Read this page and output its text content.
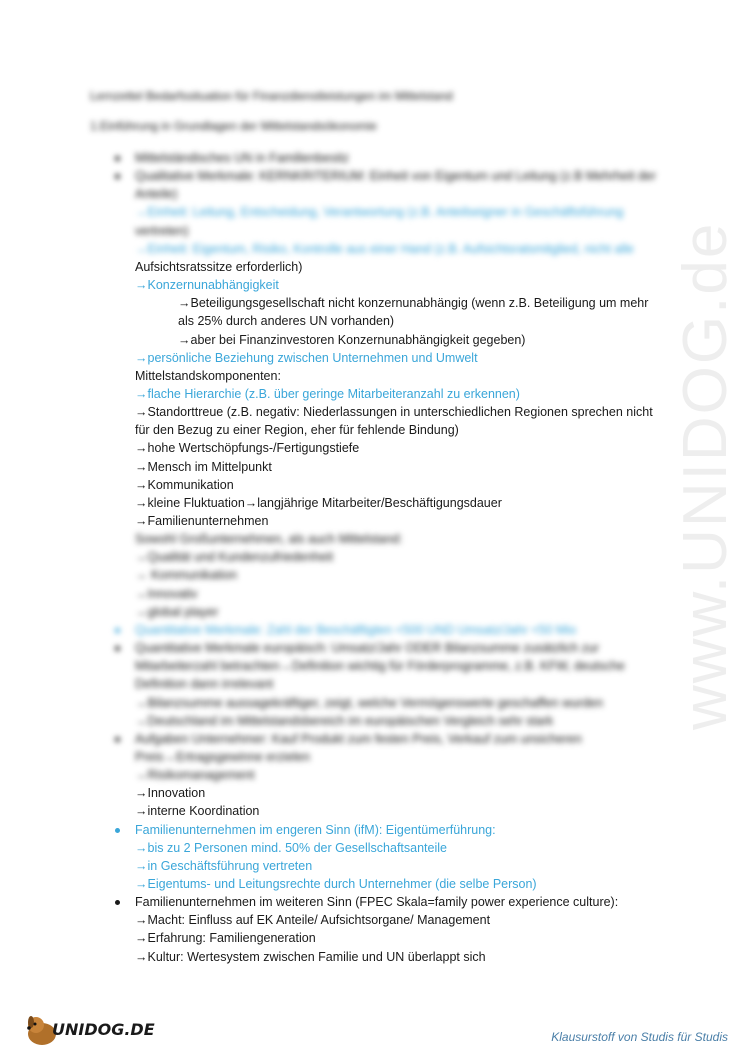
Lernzettel Bedarfssituation für Finanzdienstleistungen im Mittelstand
1.Einführung in Grundlagen der Mittelstandsökonomie
Mittelständisches UN in Familienbesitz
Qualitative Merkmale: KERNKRITERIUM: Einheit von Eigentum und Leitung (z.B Mehrheit der
Anteile)
→Einheit: Leitung, Entscheidung, Verantwortung (z.B. Anteilseigner in Geschäftsführung
vertreten)
→Einheit: Eigentum, Risiko, Kontrolle aus einer Hand (z.B. Aufsichtsratsmitglied, nicht alle
Aufsichtsratssitze erforderlich)
→Konzernunabhängigkeit
→Beteiligungsgesellschaft nicht konzernunabhängig (wenn z.B. Beteiligung um mehr
als 25% durch anderes UN vorhanden)
→aber bei Finanzinvestoren Konzernunabhängigkeit gegeben)
→persönliche Beziehung zwischen Unternehmen und Umwelt
Mittelstandskomponenten:
→flache Hierarchie (z.B. über geringe Mitarbeiteranzahl zu erkennen)
→Standorttreue (z.B. negativ: Niederlassungen in unterschiedlichen Regionen sprechen nicht
für den Bezug zu einer Region, eher für fehlende Bindung)
→hohe Wertschöpfungs-/Fertigungstiefe
→Mensch im Mittelpunkt
→Kommunikation
→kleine Fluktuation→langjährige Mitarbeiter/Beschäftigungsdauer
→Familienunternehmen
Sowohl Großunternehmen, als auch Mittelstand:
→Qualität und Kundenzufriedenheit
→ Kommunikation
→Innovativ
→global player
Quantitative Merkmale: Zahl der Beschäftigten <500 UND Umsatz/Jahr <50 Mio
Quantitative Merkmale europäisch: Umsatz/Jahr ODER Bilanzsumme zusätzlich zur
Mitarbeiterzahl betrachten→Definition wichtig für Förderprogramme, z.B. KFW, deutsche
Definition dann irrelevant
→Bilanzsumme aussagekräftiger, zeigt, welche Vermögenswerte geschaffen wurden
→Deutschland im Mittelstandsbereich im europäischen Vergleich sehr stark
Aufgaben Unternehmer: Kauf Produkt zum festen Preis, Verkauf zum unsicheren
Preis→Ertragsgewinne erzielen
→Risikomanagement
→Innovation
→interne Koordination
Familienunternehmen im engeren Sinn (ifM): Eigentümerführung:
→bis zu 2 Personen mind. 50% der Gesellschaftsanteile
→in Geschäftsführung vertreten
→Eigentums- und Leitungsrechte durch Unternehmer (die selbe Person)
Familienunternehmen im weiteren Sinn (FPEC Skala=family power experience culture):
→Macht: Einfluss auf EK Anteile/ Aufsichtsorgane/ Management
→Erfahrung: Familiengeneration
→Kultur: Wertesystem zwischen Familie und UN überlappt sich
www.UNIDOG.de
UNIDOG.DE	Klausurstoff von Studis für Studis
